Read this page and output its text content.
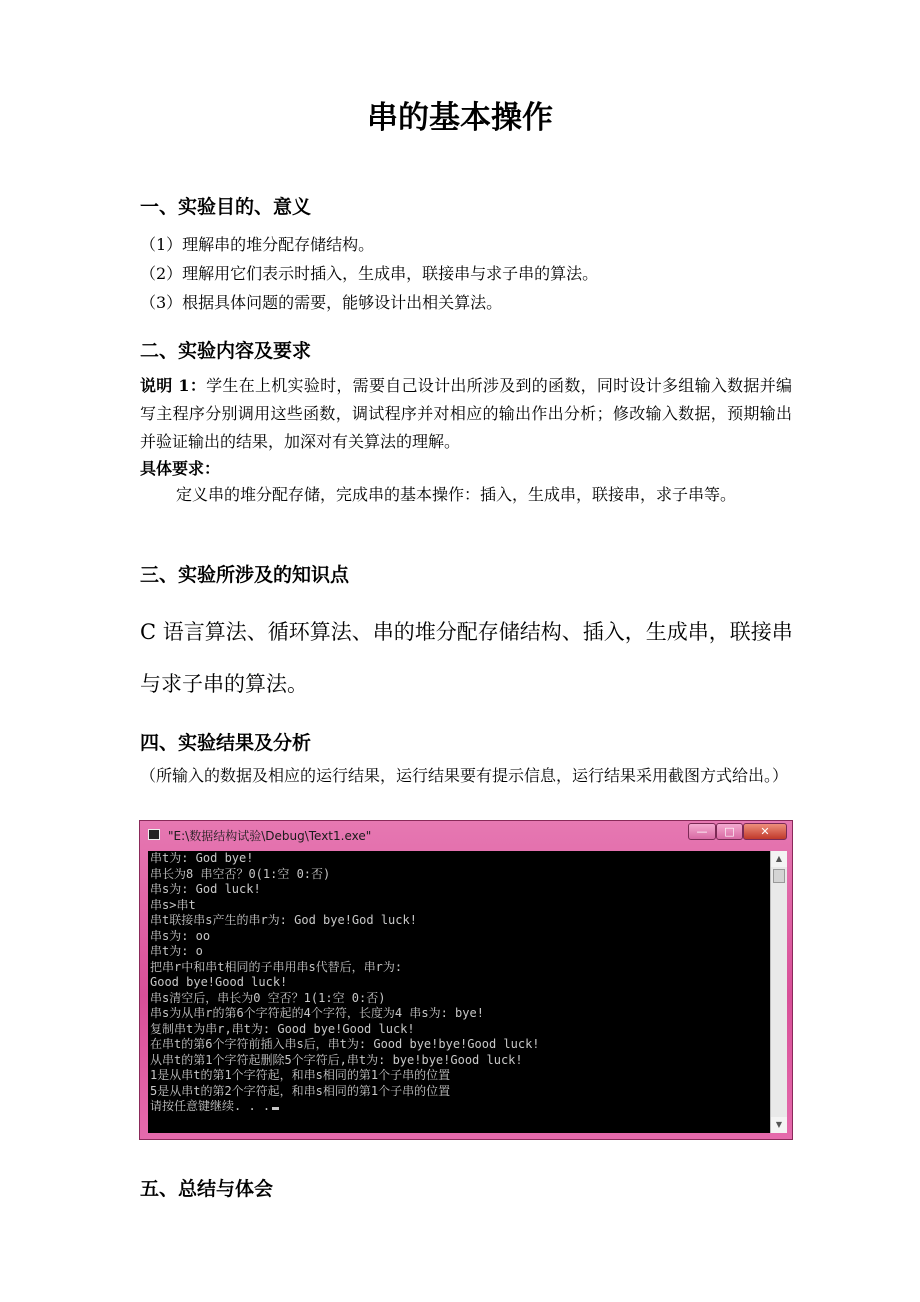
串的基本操作
一、实验目的、意义
（1）理解串的堆分配存储结构。
（2）理解用它们表示时插入，生成串，联接串与求子串的算法。
（3）根据具体问题的需要，能够设计出相关算法。
二、实验内容及要求
说明 1：学生在上机实验时，需要自己设计出所涉及到的函数，同时设计多组输入数据并编写主程序分别调用这些函数，调试程序并对相应的输出作出分析；修改输入数据，预期输出并验证输出的结果，加深对有关算法的理解。
具体要求：
定义串的堆分配存储，完成串的基本操作：插入，生成串，联接串，求子串等。
三、实验所涉及的知识点
C 语言算法、循环算法、串的堆分配存储结构、插入，生成串，联接串与求子串的算法。
四、实验结果及分析
（所输入的数据及相应的运行结果，运行结果要有提示信息，运行结果采用截图方式给出。）
"E:\数据结构试验\Debug\Text1.exe"	—	□	✕
串t为: God bye!
串长为8 串空否？0(1:空 0:否)
串s为: God luck!
串s>串t
串t联接串s产生的串r为: God bye!God luck!
串s为: oo
串t为: o
把串r中和串t相同的子串用串s代替后，串r为:
Good bye!Good luck!
串s清空后，串长为0 空否？1(1:空 0:否)
串s为从串r的第6个字符起的4个字符，长度为4 串s为: bye!
复制串t为串r,串t为: Good bye!Good luck!
在串t的第6个字符前插入串s后，串t为: Good bye!bye!Good luck!
从串t的第1个字符起删除5个字符后,串t为: bye!bye!Good luck!
1是从串t的第1个字符起，和串s相同的第1个子串的位置
5是从串t的第2个字符起，和串s相同的第1个子串的位置
请按任意键继续. . .
▲
▼
五、总结与体会
